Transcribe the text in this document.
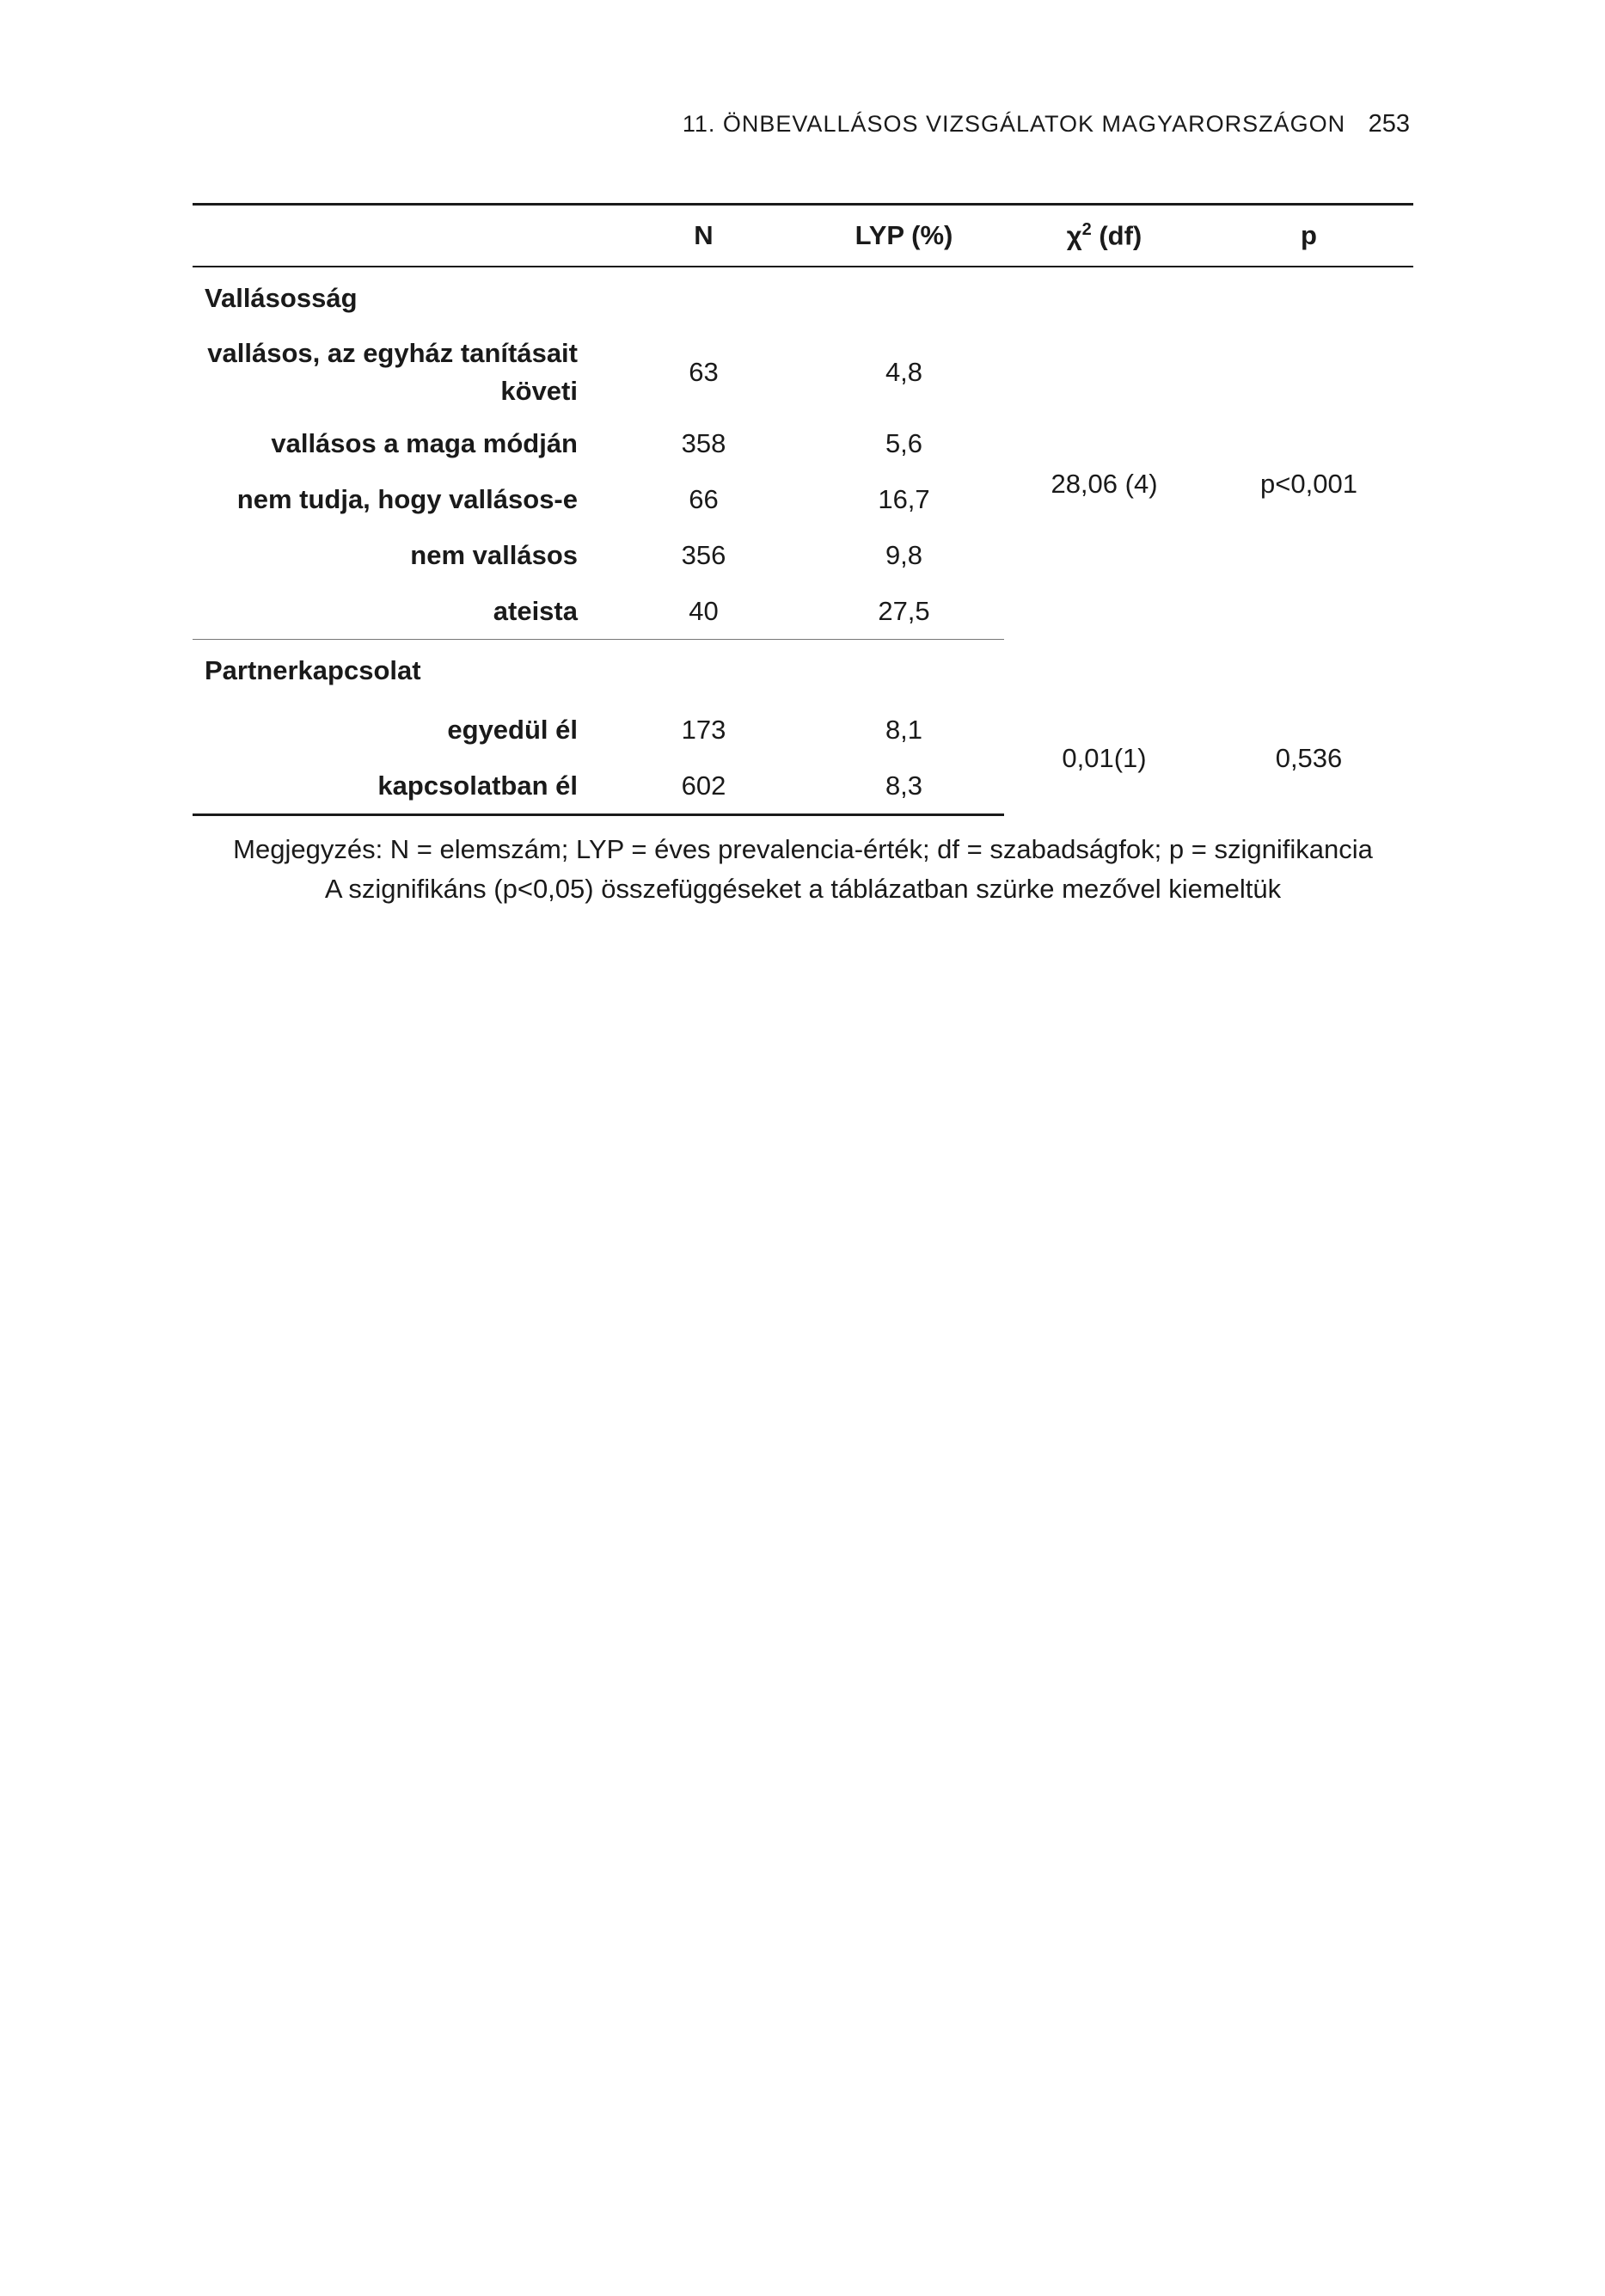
11. ÖNBEVALLÁSOS VIZSGÁLATOK MAGYARORSZÁGON 253
	N	LYP (%)	$\chi^2$ (df)	p
Vallásosság				
vallásos, az egyház tanításait
követi	63	4,8	28,06 (4)	p<0,001
vallásos a maga módján	358	5,6		
nem tudja, hogy vallásos-e	66	16,7		
nem vallásos	356	9,8		
ateista	40	27,5		
Partnerkapcsolat				
egyedül él	173	8,1	0,01(1)	0,536
kapcsolatban él	602	8,3		
Megjegyzés: N = elemszám; LYP = éves prevalencia-érték; df = szabadságfok; p = szignifikancia
A szignifikáns (p<0,05) összefüggéseket a táblázatban szürke mezővel kiemeltük
